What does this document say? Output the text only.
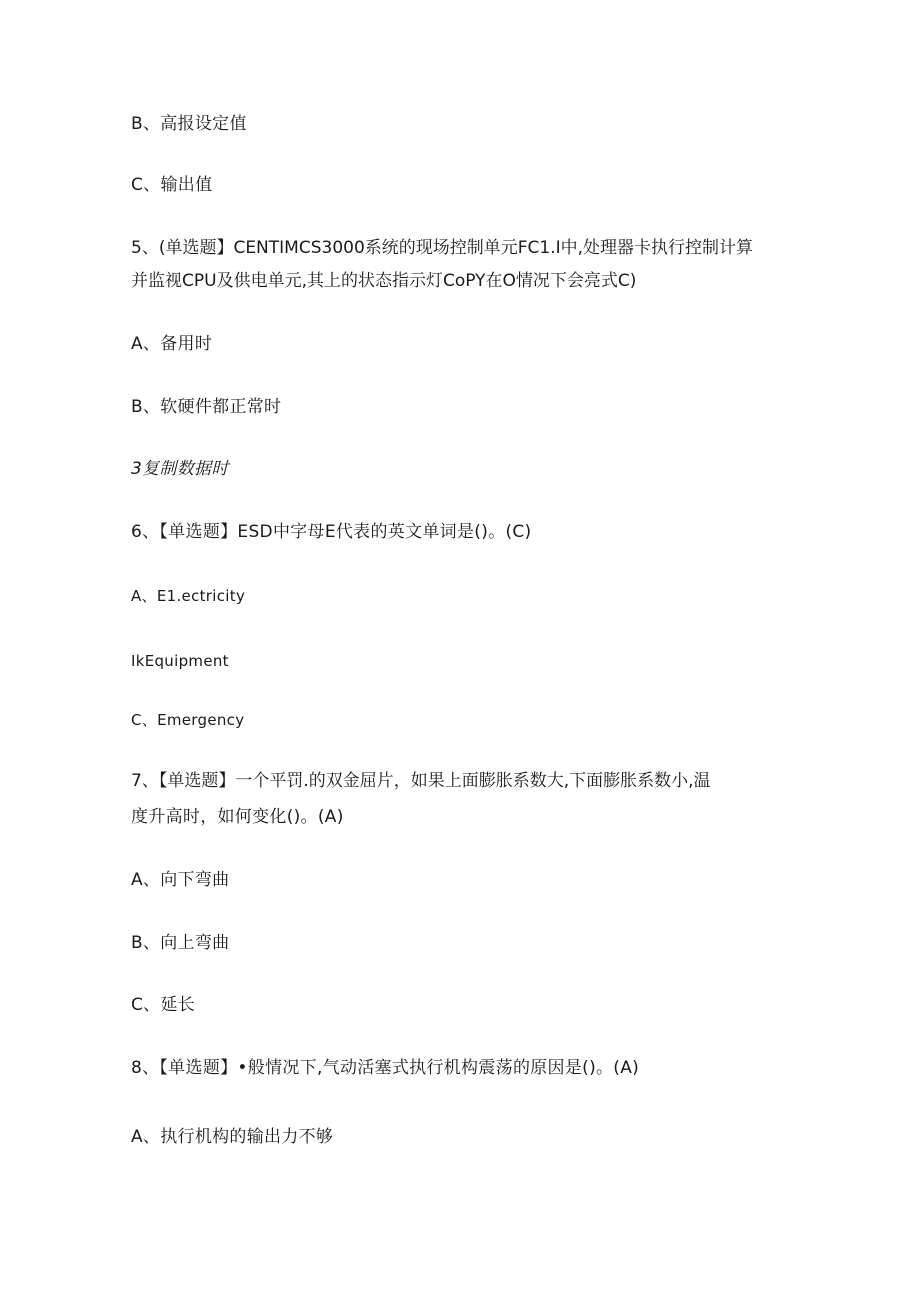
B、高报设定值
C、输出值
5、(单选题】CENTIMCS3000系统的现场控制单元FC1.I中,处理器卡执行控制计算
并监视CPU及供电单元,其上的状态指示灯CoPY在O情况下会亮式C)
A、备用时
B、软硬件都正常时
3复制数据时
6、【单选题】ESD中字母E代表的英文单词是()。(C)
A、E1.ectricity
IkEquipment
C、Emergency
7、【单选题】一个平罚.的双金屈片，如果上面膨胀系数大,下面膨胀系数小,温
度升高时，如何变化()。(A)
A、向下弯曲
B、向上弯曲
C、延长
8、【单选题】•般情况下,气动活塞式执行机构震荡的原因是()。(A)
A、执行机构的输出力不够
